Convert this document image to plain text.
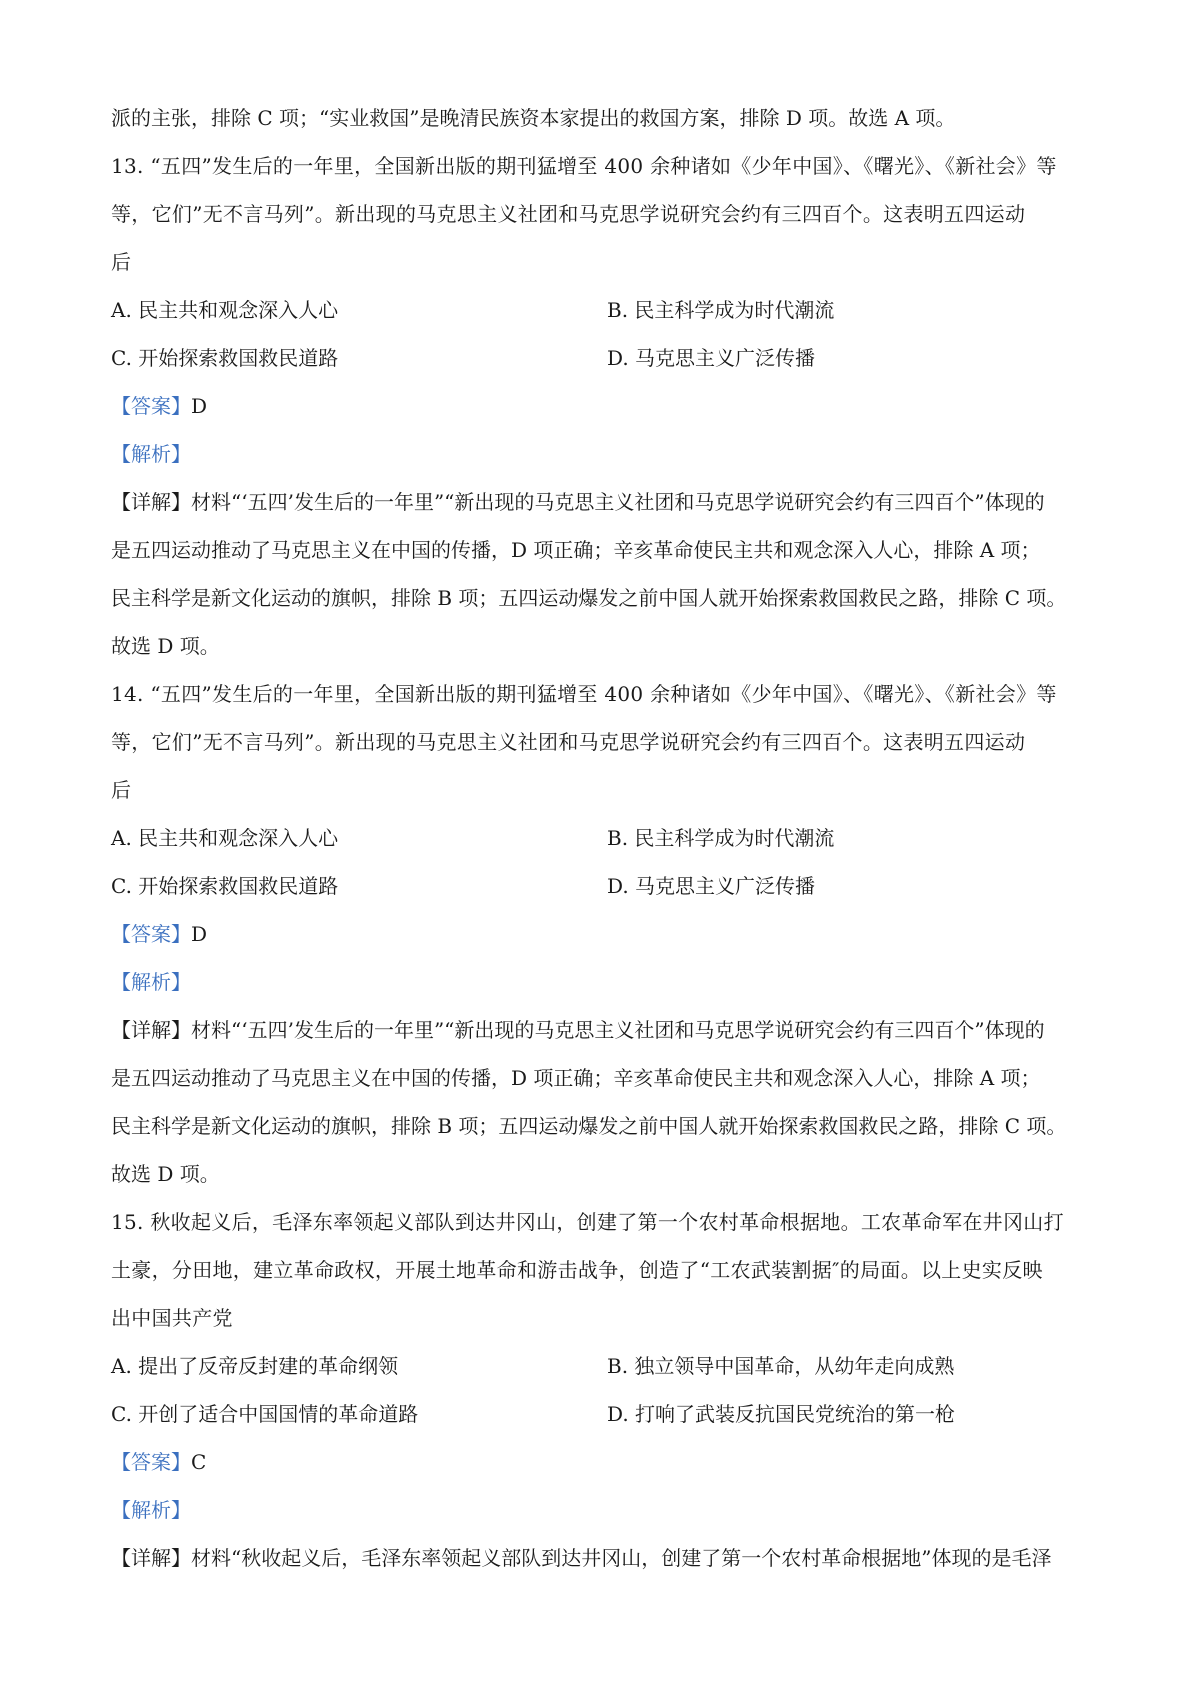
派的主张，排除 C 项；“实业救国”是晚清民族资本家提出的救国方案，排除 D 项。故选 A 项。
13. “五四”发生后的一年里，全国新出版的期刊猛增至 400 余种诸如《少年中国》、《曙光》、《新社会》等
等，它们”无不言马列”。新出现的马克思主义社团和马克思学说研究会约有三四百个。这表明五四运动
后
A. 民主共和观念深入人心	B. 民主科学成为时代潮流
C. 开始探索救国救民道路	D. 马克思主义广泛传播
【答案】D
【解析】
【详解】材料“‘五四’发生后的一年里”“新出现的马克思主义社团和马克思学说研究会约有三四百个”体现的
是五四运动推动了马克思主义在中国的传播，D 项正确；辛亥革命使民主共和观念深入人心，排除 A 项；
民主科学是新文化运动的旗帜，排除 B 项；五四运动爆发之前中国人就开始探索救国救民之路，排除 C 项。
故选 D 项。
14. “五四”发生后的一年里，全国新出版的期刊猛增至 400 余种诸如《少年中国》、《曙光》、《新社会》等
等，它们”无不言马列”。新出现的马克思主义社团和马克思学说研究会约有三四百个。这表明五四运动
后
A. 民主共和观念深入人心	B. 民主科学成为时代潮流
C. 开始探索救国救民道路	D. 马克思主义广泛传播
【答案】D
【解析】
【详解】材料“‘五四’发生后的一年里”“新出现的马克思主义社团和马克思学说研究会约有三四百个”体现的
是五四运动推动了马克思主义在中国的传播，D 项正确；辛亥革命使民主共和观念深入人心，排除 A 项；
民主科学是新文化运动的旗帜，排除 B 项；五四运动爆发之前中国人就开始探索救国救民之路，排除 C 项。
故选 D 项。
15. 秋收起义后，毛泽东率领起义部队到达井冈山，创建了第一个农村革命根据地。工农革命军在井冈山打
土豪，分田地，建立革命政权，开展土地革命和游击战争，创造了“工农武装割据″的局面。以上史实反映
出中国共产党
A. 提出了反帝反封建的革命纲领	B. 独立领导中国革命，从幼年走向成熟
C. 开创了适合中国国情的革命道路	D. 打响了武装反抗国民党统治的第一枪
【答案】C
【解析】
【详解】材料“秋收起义后，毛泽东率领起义部队到达井冈山，创建了第一个农村革命根据地”体现的是毛泽
